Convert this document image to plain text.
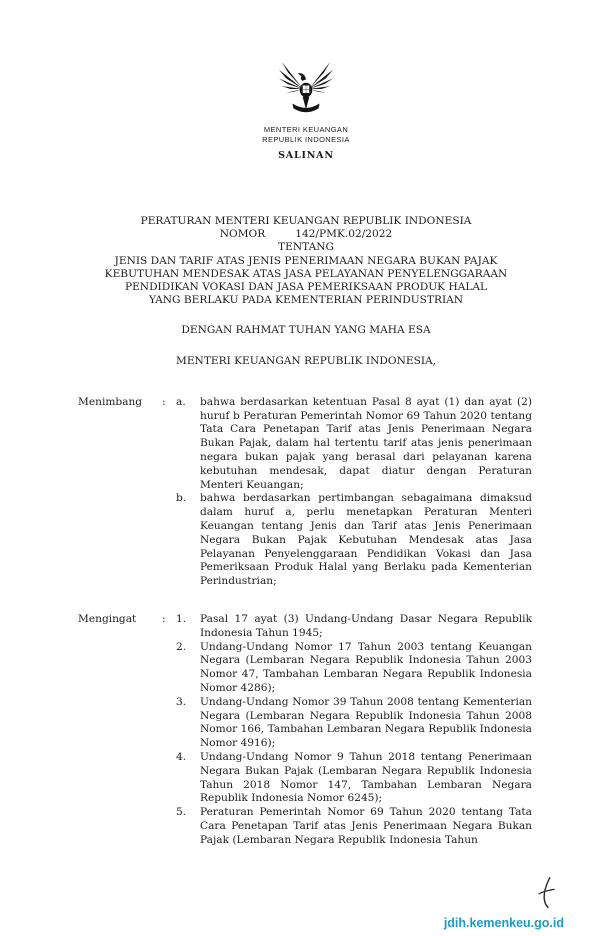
MENTERI KEUANGAN
REPUBLIK INDONESIA
SALINAN
PERATURAN MENTERI KEUANGAN REPUBLIK INDONESIA
NOMOR	142/PMK.02/2022
TENTANG
JENIS DAN TARIF ATAS JENIS PENERIMAAN NEGARA BUKAN PAJAK
KEBUTUHAN MENDESAK ATAS JASA PELAYANAN PENYELENGGARAAN
PENDIDIKAN VOKASI DAN JASA PEMERIKSAAN PRODUK HALAL
YANG BERLAKU PADA KEMENTERIAN PERINDUSTRIAN
DENGAN RAHMAT TUHAN YANG MAHA ESA
MENTERI KEUANGAN REPUBLIK INDONESIA,
Menimbang	: a.	bahwa berdasarkan ketentuan Pasal 8 ayat (1) dan ayat (2) huruf b Peraturan Pemerintah Nomor 69 Tahun 2020 tentang Tata Cara Penetapan Tarif atas Jenis Penerimaan Negara Bukan Pajak, dalam hal tertentu tarif atas jenis penerimaan negara bukan pajak yang berasal dari pelayanan karena kebutuhan mendesak, dapat diatur dengan Peraturan Menteri Keuangan;
b.	bahwa berdasarkan pertimbangan sebagaimana dimaksud dalam huruf a, perlu menetapkan Peraturan Menteri Keuangan tentang Jenis dan Tarif atas Jenis Penerimaan Negara Bukan Pajak Kebutuhan Mendesak atas Jasa Pelayanan Penyelenggaraan Pendidikan Vokasi dan Jasa Pemeriksaan Produk Halal yang Berlaku pada Kementerian Perindustrian;
Mengingat	: 1.	Pasal 17 ayat (3) Undang-Undang Dasar Negara Republik Indonesia Tahun 1945;
2.	Undang-Undang Nomor 17 Tahun 2003 tentang Keuangan Negara (Lembaran Negara Republik Indonesia Tahun 2003 Nomor 47, Tambahan Lembaran Negara Republik Indonesia Nomor 4286);
3.	Undang-Undang Nomor 39 Tahun 2008 tentang Kementerian Negara (Lembaran Negara Republik Indonesia Tahun 2008 Nomor 166, Tambahan Lembaran Negara Republik Indonesia Nomor 4916);
4.	Undang-Undang Nomor 9 Tahun 2018 tentang Penerimaan Negara Bukan Pajak (Lembaran Negara Republik Indonesia Tahun 2018 Nomor 147, Tambahan Lembaran Negara Republik Indonesia Nomor 6245);
5.	Peraturan Pemerintah Nomor 69 Tahun 2020 tentang Tata Cara Penetapan Tarif atas Jenis Penerimaan Negara Bukan Pajak (Lembaran Negara Republik Indonesia Tahun
jdih.kemenkeu.go.id
